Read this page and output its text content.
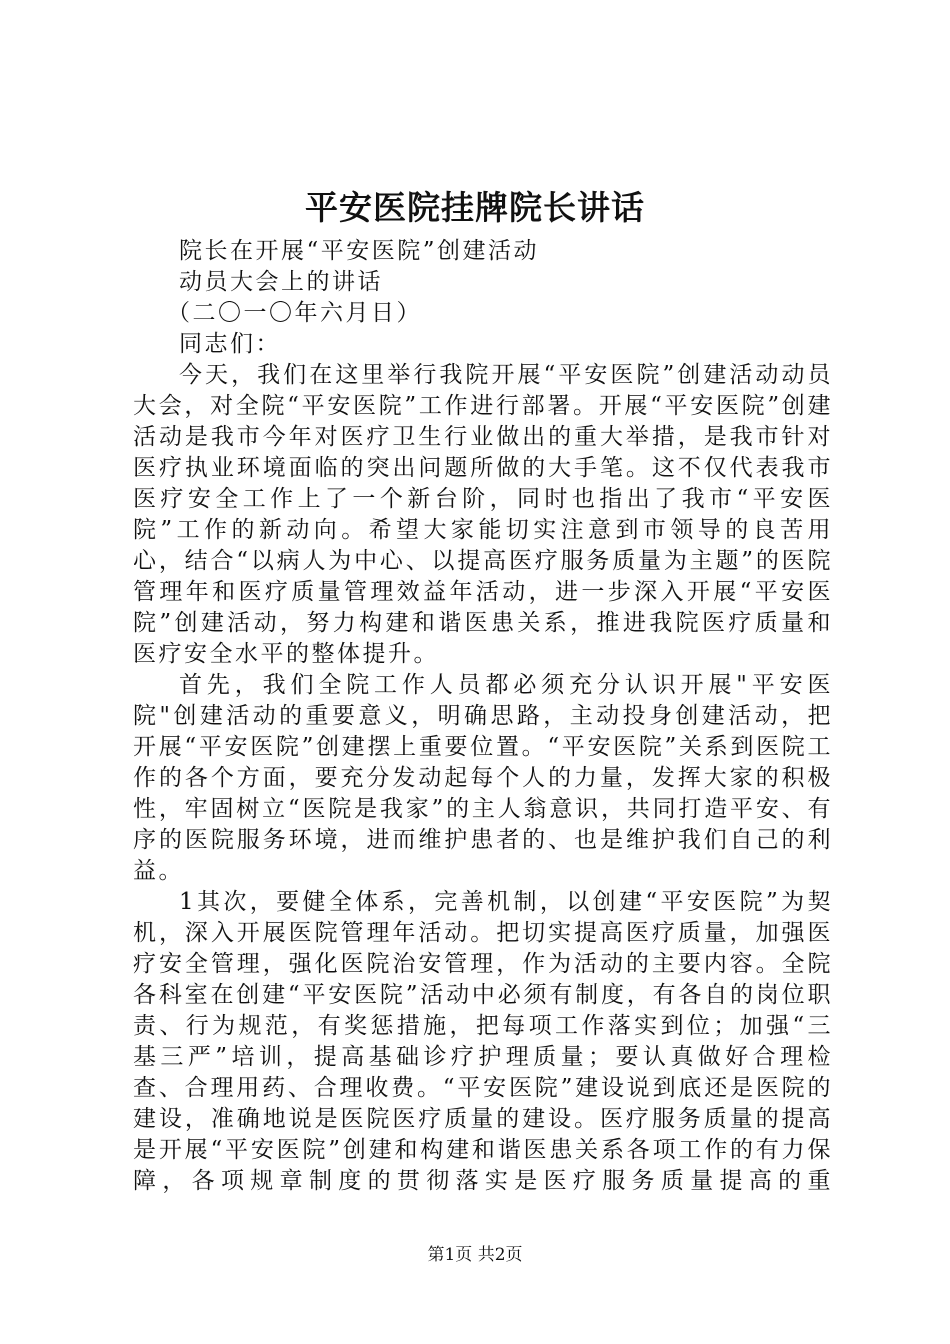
平安医院挂牌院长讲话

院长在开展“平安医院”创建活动

动员大会上的讲话

（二〇一〇年六月日）

同志们：

今天，我们在这里举行我院开展“平安医院”创建活动动员大会，对全院“平安医院”工作进行部署。开展“平安医院”创建活动是我市今年对医疗卫生行业做出的重大举措，是我市针对医疗执业环境面临的突出问题所做的大手笔。这不仅代表我市医疗安全工作上了一个新台阶，同时也指出了我市“平安医院”工作的新动向。希望大家能切实注意到市领导的良苦用心，结合“以病人为中心、以提高医疗服务质量为主题”的医院管理年和医疗质量管理效益年活动，进一步深入开展“平安医院”创建活动，努力构建和谐医患关系，推进我院医疗质量和医疗安全水平的整体提升。

首先，我们全院工作人员都必须充分认识开展"平安医院"创建活动的重要意义，明确思路，主动投身创建活动，把开展“平安医院”创建摆上重要位置。“平安医院”关系到医院工作的各个方面，要充分发动起每个人的力量，发挥大家的积极性，牢固树立“医院是我家”的主人翁意识，共同打造平安、有序的医院服务环境，进而维护患者的、也是维护我们自己的利益。

1其次，要健全体系，完善机制，以创建“平安医院”为契机，深入开展医院管理年活动。把切实提高医疗质量，加强医疗安全管理，强化医院治安管理，作为活动的主要内容。全院各科室在创建“平安医院”活动中必须有制度，有各自的岗位职责、行为规范，有奖惩措施，把每项工作落实到位；加强“三基三严”培训，提高基础诊疗护理质量；要认真做好合理检查、合理用药、合理收费。“平安医院”建设说到底还是医院的建设，准确地说是医院医疗质量的建设。医疗服务质量的提高是开展“平安医院”创建和构建和谐医患关系各项工作的有力保障，各项规章制度的贯彻落实是医疗服务质量提高的重

第1页 共2页
